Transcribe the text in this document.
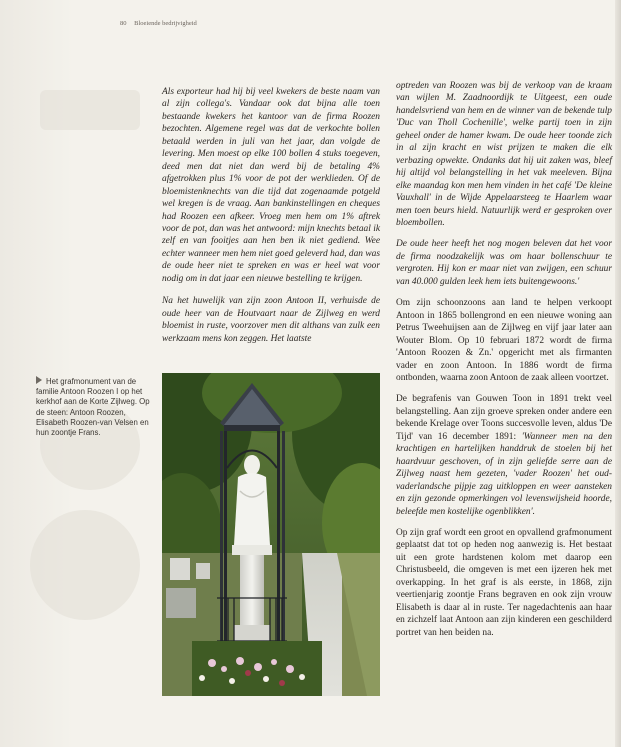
80 Bloeiende bedrijvigheid

Als exporteur had hij bij veel kwekers de beste naam van al zijn collega's. Vandaar ook dat bijna alle toen bestaande kwekers het kantoor van de firma Roozen bezochten. Algemene regel was dat de verkochte bollen betaald werden in juli van het jaar, dan volgde de levering. Men moest op elke 100 bollen 4 stuks toegeven, deed men dat niet dan werd bij de betaling 4% afgetrokken plus 1% voor de pot der werklieden. Of de bloemistenknechts van die tijd dat zogenaamde potgeld wel kregen is de vraag. Aan bankinstellingen en cheques had Roozen een afkeer. Vroeg men hem om 1% aftrek voor de pot, dan was het antwoord: mijn knechts betaal ik zelf en van fooitjes aan hen ben ik niet gediend. Wee echter wanneer men hem niet goed geleverd had, dan was de oude heer niet te spreken en was er heel wat voor nodig om in dat jaar een nieuwe bestelling te krijgen.

Na het huwelijk van zijn zoon Antoon II, verhuisde de oude heer van de Houtvaart naar de Zijlweg en werd bloemist in ruste, voorzover men dit althans van zulk een werkzaam mens kon zeggen. Het laatste

optreden van Roozen was bij de verkoop van de kraam van wijlen M. Zaadnoordijk te Uitgeest, een oude handelsvriend van hem en de winner van de bekende tulp 'Duc van Tholl Cochenille', welke partij toen in zijn geheel onder de hamer kwam. De oude heer toonde zich in al zijn kracht en wist prijzen te maken die elk verbazing opwekte. Ondanks dat hij uit zaken was, bleef hij altijd vol belangstelling in het vak meeleven. Bijna elke maandag kon men hem vinden in het café 'De kleine Vauxhall' in de Wijde Appelaarsteeg te Haarlem waar men toen beurs hield. Natuurlijk werd er gesproken over bloembollen.

De oude heer heeft het nog mogen beleven dat het voor de firma noodzakelijk was om haar bollenschuur te vergroten. Hij kon er maar niet van zwijgen, een schuur van 40.000 gulden leek hem iets buitengewoons.'

Om zijn schoonzoons aan land te helpen verkoopt Antoon in 1865 bollengrond en een nieuwe woning aan Petrus Tweehuijsen aan de Zijlweg en vijf jaar later aan Wouter Blom. Op 10 februari 1872 wordt de firma 'Antoon Roozen & Zn.' opgericht met als firmanten vader en zoon Antoon. In 1886 wordt de firma ontbonden, waarna zoon Antoon de zaak alleen voortzet.

De begrafenis van Gouwen Toon in 1891 trekt veel belangstelling. Aan zijn groeve spreken onder andere een bekende Krelage over Toons succesvolle leven, aldus 'De Tijd' van 16 december 1891: 'Wanneer men na den krachtigen en hartelijken handdruk de stoelen bij het haardvuur geschoven, of in zijn geliefde serre aan de Zijlweg naast hem gezeten, 'vader Roozen' het oud-vaderlandsche pijpje zag uitkloppen en weer aansteken en zijn gezonde opmerkingen vol levenswijsheid hoorde, beleefde men kostelijke ogenblikken'.

Op zijn graf wordt een groot en opvallend grafmonument geplaatst dat tot op heden nog aanwezig is. Het bestaat uit een grote hardstenen kolom met daarop een Christusbeeld, die omgeven is met een ijzeren hek met overkapping. In het graf is als eerste, in 1868, zijn veertienjarig zoontje Frans begraven en ook zijn vrouw Elisabeth is daar al in ruste. Ter nagedachtenis aan haar en zichzelf laat Antoon aan zijn kinderen een geschilderd portret van hen beiden na.

Het grafmonument van de familie Antoon Roozen I op het kerkhof aan de Korte Zijlweg. Op de steen: Antoon Roozen, Elisabeth Roozen-van Velsen en hun zoontje Frans.
